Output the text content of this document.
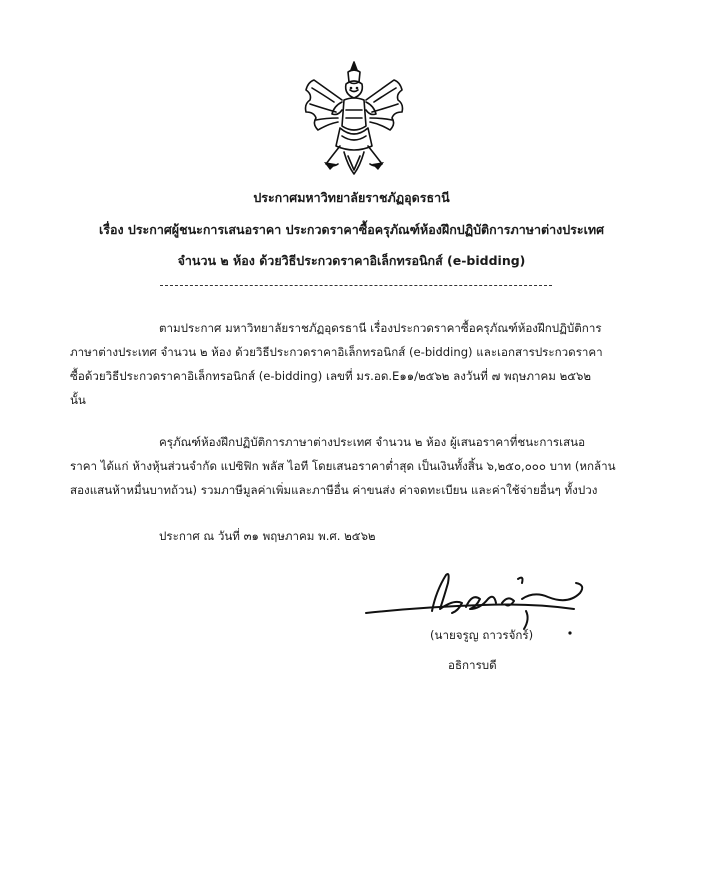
ประกาศมหาวิทยาลัยราชภัฏอุดรธานี
เรื่อง ประกาศผู้ชนะการเสนอราคา ประกวดราคาซื้อครุภัณฑ์ห้องฝึกปฏิบัติการภาษาต่างประเทศ
จำนวน ๒ ห้อง ด้วยวิธีประกวดราคาอิเล็กทรอนิกส์ (e-bidding)
ตามประกาศ มหาวิทยาลัยราชภัฏอุดรธานี เรื่องประกวดราคาซื้อครุภัณฑ์ห้องฝึกปฏิบัติการ
ภาษาต่างประเทศ จำนวน ๒ ห้อง ด้วยวิธีประกวดราคาอิเล็กทรอนิกส์ (e-bidding) และเอกสารประกวดราคา
ซื้อด้วยวิธีประกวดราคาอิเล็กทรอนิกส์ (e-bidding) เลขที่ มร.อด.E๑๑/๒๕๖๒ ลงวันที่ ๗ พฤษภาคม ๒๕๖๒
นั้น
ครุภัณฑ์ห้องฝึกปฏิบัติการภาษาต่างประเทศ จำนวน ๒ ห้อง ผู้เสนอราคาที่ชนะการเสนอ
ราคา ได้แก่ ห้างหุ้นส่วนจำกัด แปซิฟิก พลัส ไอที โดยเสนอราคาต่ำสุด เป็นเงินทั้งสิ้น ๖,๒๕๐,๐๐๐ บาท (หกล้าน
สองแสนห้าหมื่นบาทถ้วน) รวมภาษีมูลค่าเพิ่มและภาษีอื่น ค่าขนส่ง ค่าจดทะเบียน และค่าใช้จ่ายอื่นๆ ทั้งปวง
ประกาศ ณ วันที่ ๓๑ พฤษภาคม พ.ศ. ๒๕๖๒
(นายจรูญ ถาวรจักร์)
อธิการบดี
